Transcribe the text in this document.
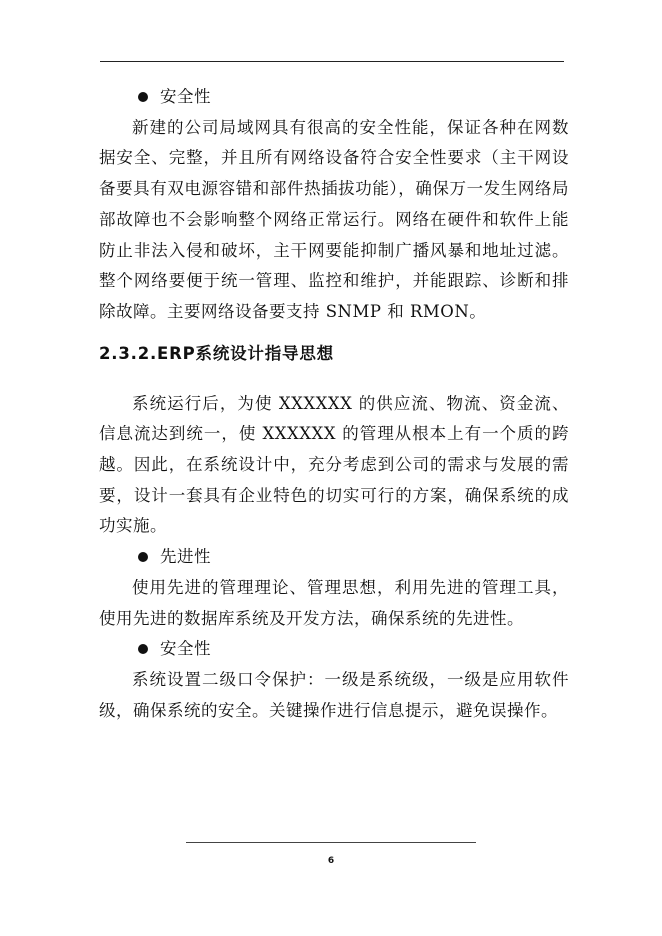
安全性

新建的公司局域网具有很高的安全性能，保证各种在网数据安全、完整，并且所有网络设备符合安全性要求（主干网设备要具有双电源容错和部件热插拔功能），确保万一发生网络局部故障也不会影响整个网络正常运行。网络在硬件和软件上能防止非法入侵和破坏，主干网要能抑制广播风暴和地址过滤。整个网络要便于统一管理、监控和维护，并能跟踪、诊断和排除故障。主要网络设备要支持 SNMP 和 RMON。

2.3.2.ERP系统设计指导思想

系统运行后，为使 XXXXXX 的供应流、物流、资金流、信息流达到统一，使 XXXXXX 的管理从根本上有一个质的跨越。因此，在系统设计中，充分考虑到公司的需求与发展的需要，设计一套具有企业特色的切实可行的方案，确保系统的成功实施。

先进性

使用先进的管理理论、管理思想，利用先进的管理工具，使用先进的数据库系统及开发方法，确保系统的先进性。

安全性

系统设置二级口令保护：一级是系统级，一级是应用软件级，确保系统的安全。关键操作进行信息提示，避免误操作。

6
